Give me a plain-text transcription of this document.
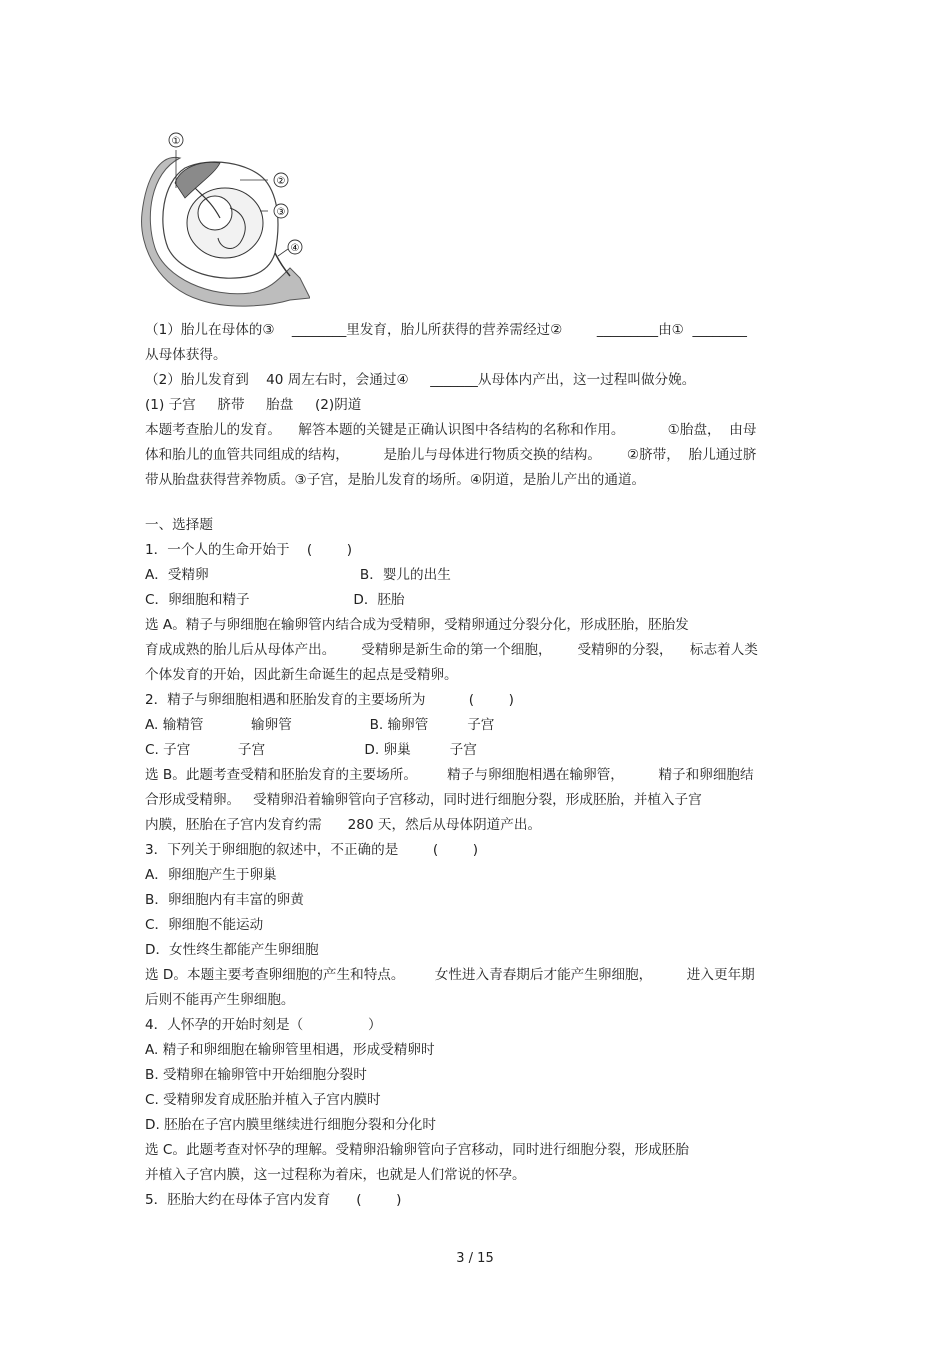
①
②
③
④
（1）胎儿在母体的③    ________里发育，胎儿所获得的营养需经过②        _________由①  ________
从母体获得。
（2）胎儿发育到    40 周左右时，会通过④     _______从母体内产出，这一过程叫做分娩。
(1) 子宫     脐带     胎盘     (2)阴道
本题考查胎儿的发育。    解答本题的关键是正确认识图中各结构的名称和作用。          ①胎盘，  由母
体和胎儿的血管共同组成的结构，        是胎儿与母体进行物质交换的结构。      ②脐带，  胎儿通过脐
带从胎盘获得营养物质。③子宫，是胎儿发育的场所。④阴道，是胎儿产出的通道。
一、选择题
1．一个人的生命开始于    (        )
A．受精卵                                   B．婴儿的出生
C．卵细胞和精子                        D．胚胎
选 A。精子与卵细胞在输卵管内结合成为受精卵，受精卵通过分裂分化，形成胚胎，胚胎发
育成成熟的胎儿后从母体产出。      受精卵是新生命的第一个细胞，      受精卵的分裂，    标志着人类
个体发育的开始，因此新生命诞生的起点是受精卵。
2．精子与卵细胞相遇和胚胎发育的主要场所为          (        )
A. 输精管           输卵管                  B. 输卵管         子宫
C. 子宫           子宫                       D. 卵巢         子宫
选 B。此题考查受精和胚胎发育的主要场所。       精子与卵细胞相遇在输卵管，        精子和卵细胞结
合形成受精卵。   受精卵沿着输卵管向子宫移动，同时进行细胞分裂，形成胚胎，并植入子宫
内膜，胚胎在子宫内发育约需      280 天，然后从母体阴道产出。
3．下列关于卵细胞的叙述中，不正确的是        (        )
A．卵细胞产生于卵巢
B．卵细胞内有丰富的卵黄
C．卵细胞不能运动
D．女性终生都能产生卵细胞
选 D。本题主要考查卵细胞的产生和特点。       女性进入青春期后才能产生卵细胞，        进入更年期
后则不能再产生卵细胞。
4．人怀孕的开始时刻是（               ）
A. 精子和卵细胞在输卵管里相遇，形成受精卵时
B. 受精卵在输卵管中开始细胞分裂时
C. 受精卵发育成胚胎并植入子宫内膜时
D. 胚胎在子宫内膜里继续进行细胞分裂和分化时
选 C。此题考查对怀孕的理解。受精卵沿输卵管向子宫移动，同时进行细胞分裂，形成胚胎
并植入子宫内膜，这一过程称为着床，也就是人们常说的怀孕。
5．胚胎大约在母体子宫内发育      (        )
3 / 15
